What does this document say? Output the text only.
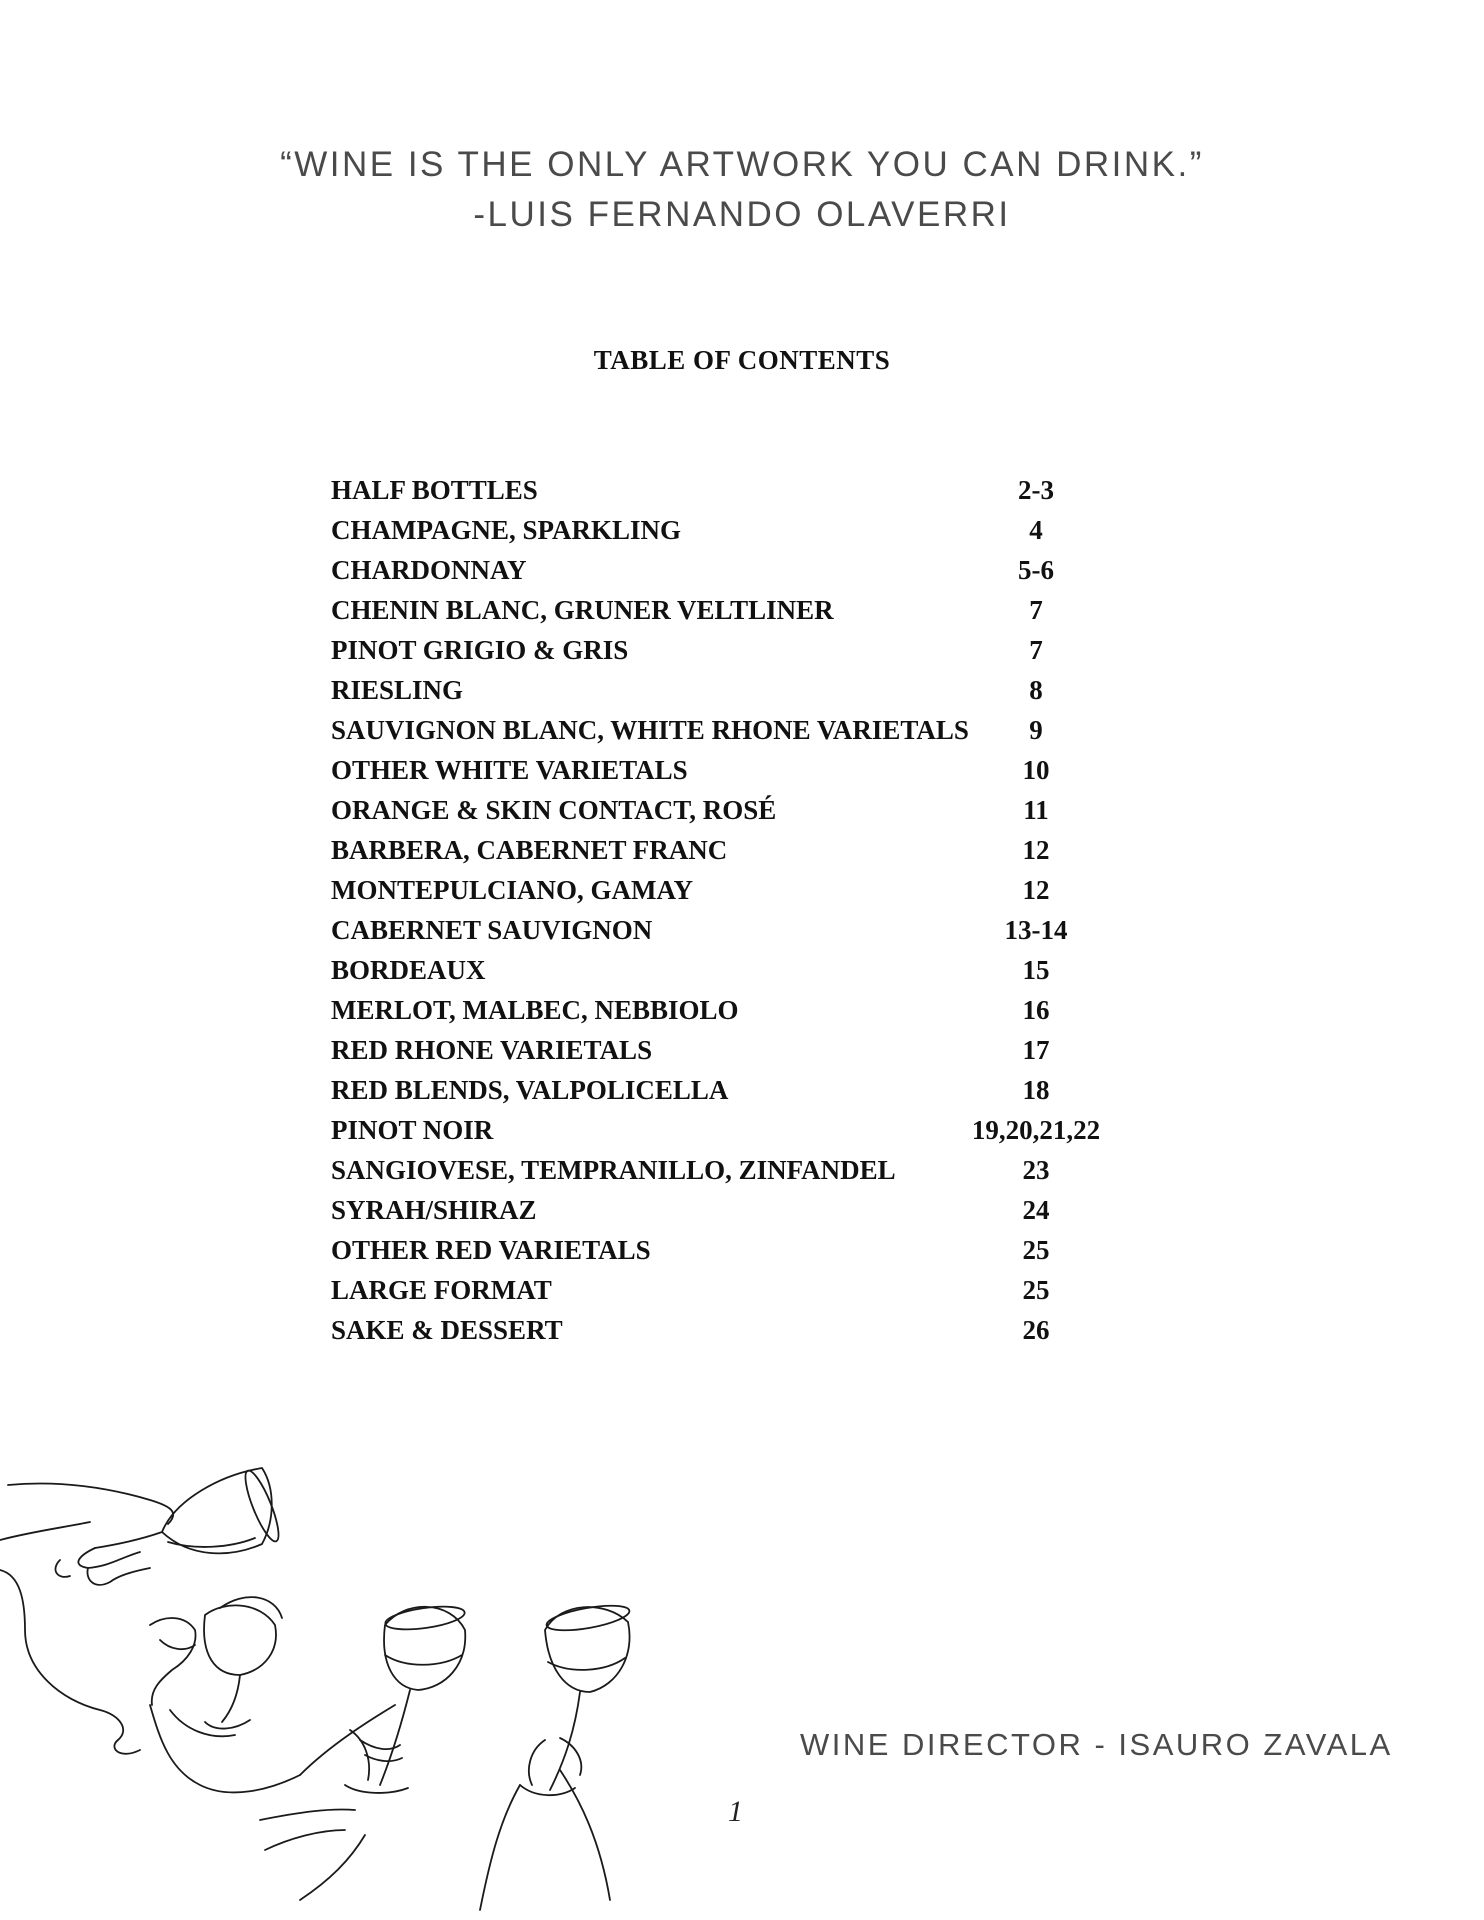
“WINE IS THE ONLY ARTWORK YOU CAN DRINK.”
-LUIS FERNANDO OLAVERRI
TABLE OF CONTENTS
HALF BOTTLES	2-3
CHAMPAGNE, SPARKLING	4
CHARDONNAY	5-6
CHENIN BLANC, GRUNER VELTLINER	7
PINOT GRIGIO & GRIS	7
RIESLING	8
SAUVIGNON BLANC, WHITE RHONE VARIETALS 9
OTHER WHITE VARIETALS	10
ORANGE & SKIN CONTACT, ROSÉ	11
BARBERA, CABERNET FRANC	12
MONTEPULCIANO, GAMAY	12
CABERNET SAUVIGNON	13-14
BORDEAUX	15
MERLOT, MALBEC, NEBBIOLO	16
RED RHONE VARIETALS	17
RED BLENDS, VALPOLICELLA	18
PINOT NOIR	19,20,21,22
SANGIOVESE, TEMPRANILLO, ZINFANDEL	23
SYRAH/SHIRAZ	24
OTHER RED VARIETALS	25
LARGE FORMAT	25
SAKE & DESSERT	26
WINE DIRECTOR - ISAURO ZAVALA
1
